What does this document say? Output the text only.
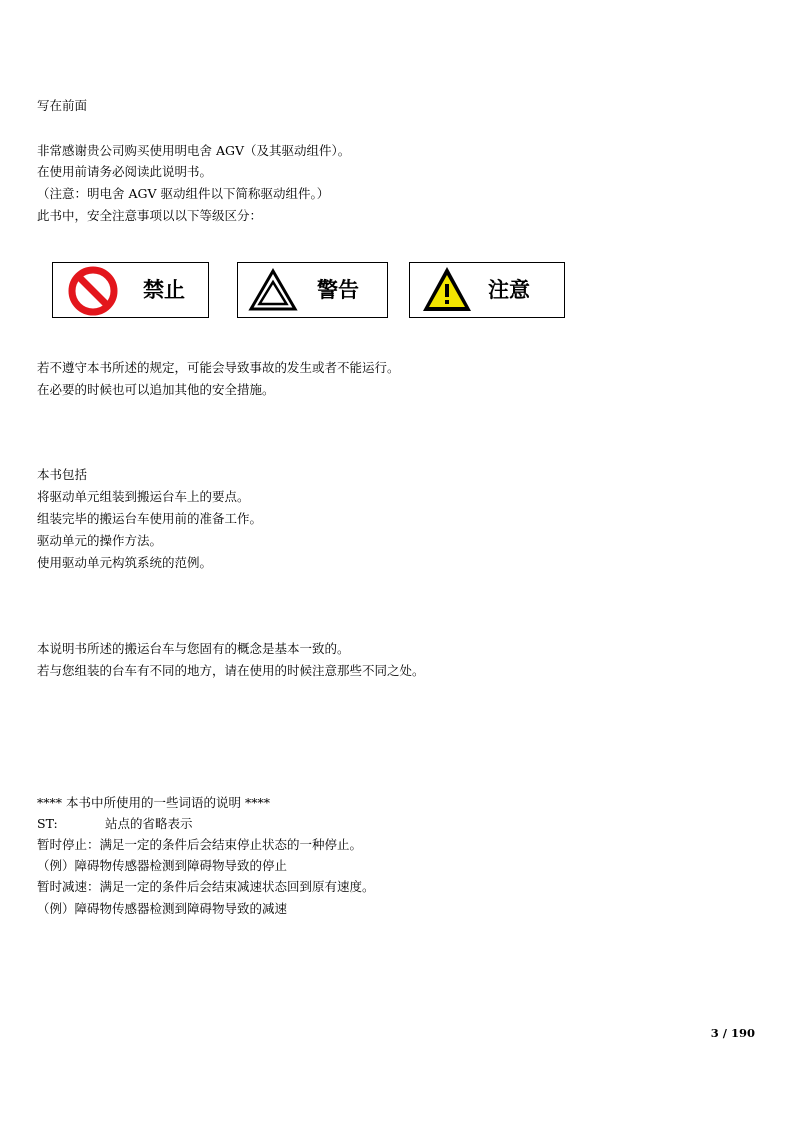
写在前面
非常感谢贵公司购买使用明电舍 AGV（及其驱动组件）。
在使用前请务必阅读此说明书。
（注意：明电舍 AGV 驱动组件以下简称驱动组件。）
此书中，安全注意事项以以下等级区分：
禁止	警告	注意
若不遵守本书所述的规定，可能会导致事故的发生或者不能运行。
在必要的时候也可以追加其他的安全措施。
本书包括
将驱动单元组装到搬运台车上的要点。
组装完毕的搬运台车使用前的准备工作。
驱动单元的操作方法。
使用驱动单元构筑系统的范例。
本说明书所述的搬运台车与您固有的概念是基本一致的。
若与您组装的台车有不同的地方，请在使用的时候注意那些不同之处。
**** 本书中所使用的一些词语的说明 ****
ST:	站点的省略表示
暂时停止：满足一定的条件后会结束停止状态的一种停止。
（例）障碍物传感器检测到障碍物导致的停止
暂时减速：满足一定的条件后会结束减速状态回到原有速度。
（例）障碍物传感器检测到障碍物导致的减速
3 / 190
